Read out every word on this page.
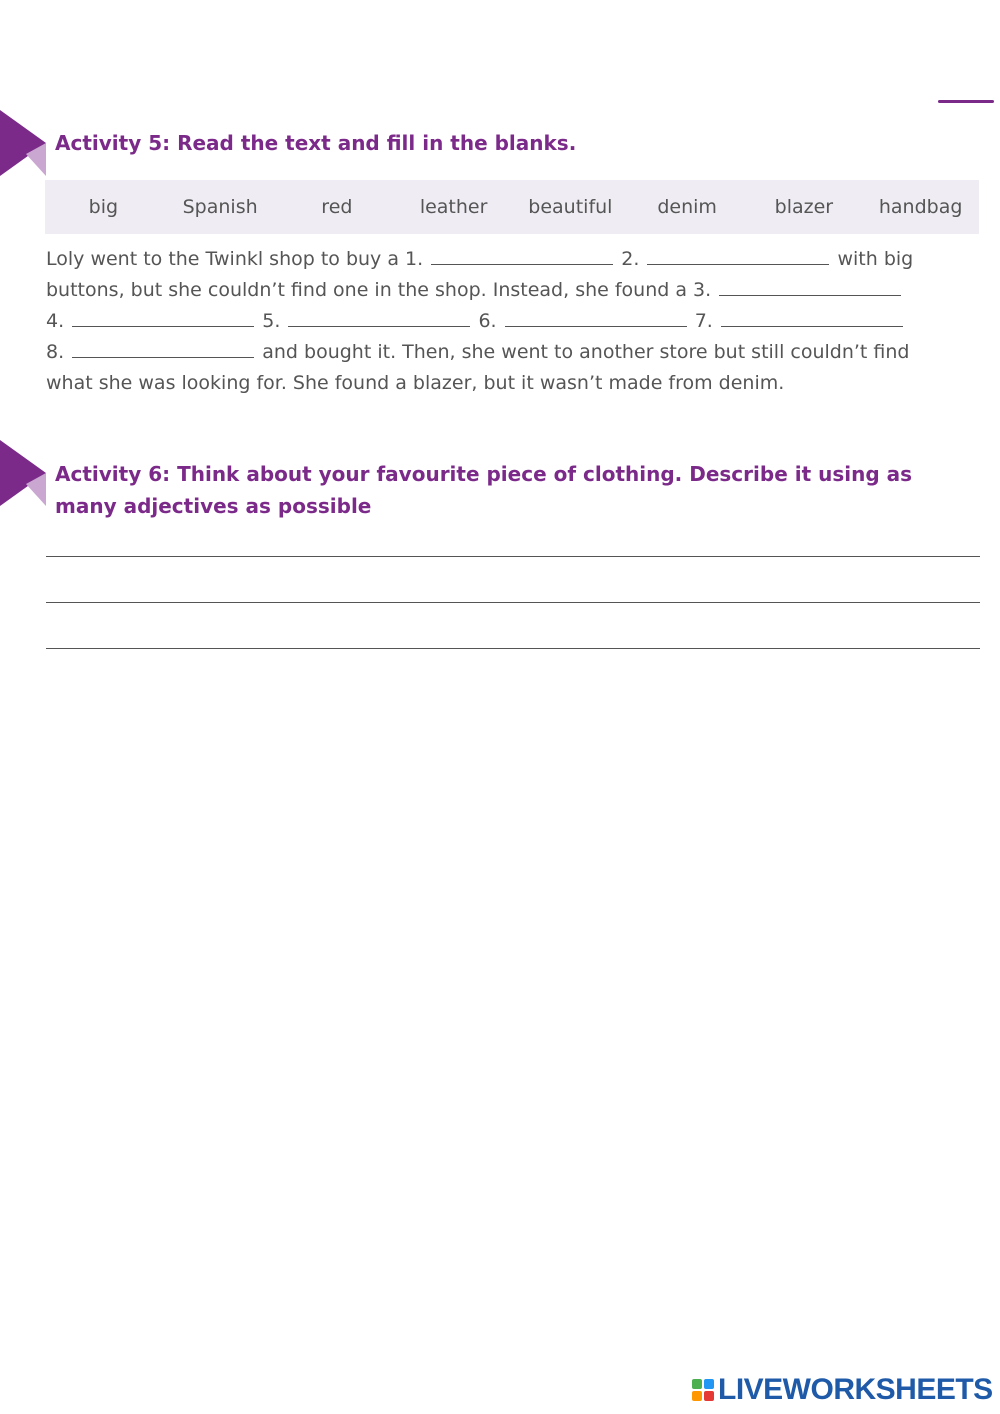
Activity 5: Read the text and fill in the blanks.
big	Spanish	red	leather	beautiful	denim	blazer	handbag
Loly went to the Twinkl shop to buy a 1.	2.	with big
buttons, but she couldn’t find one in the shop. Instead, she found a 3.
4.	5.	6.	7.
8.	and bought it. Then, she went to another store but still couldn’t find
what she was looking for. She found a blazer, but it wasn’t made from denim.
Activity 6: Think about your favourite piece of clothing. Describe it using as many adjectives as possible
LIVEWORKSHEETS
